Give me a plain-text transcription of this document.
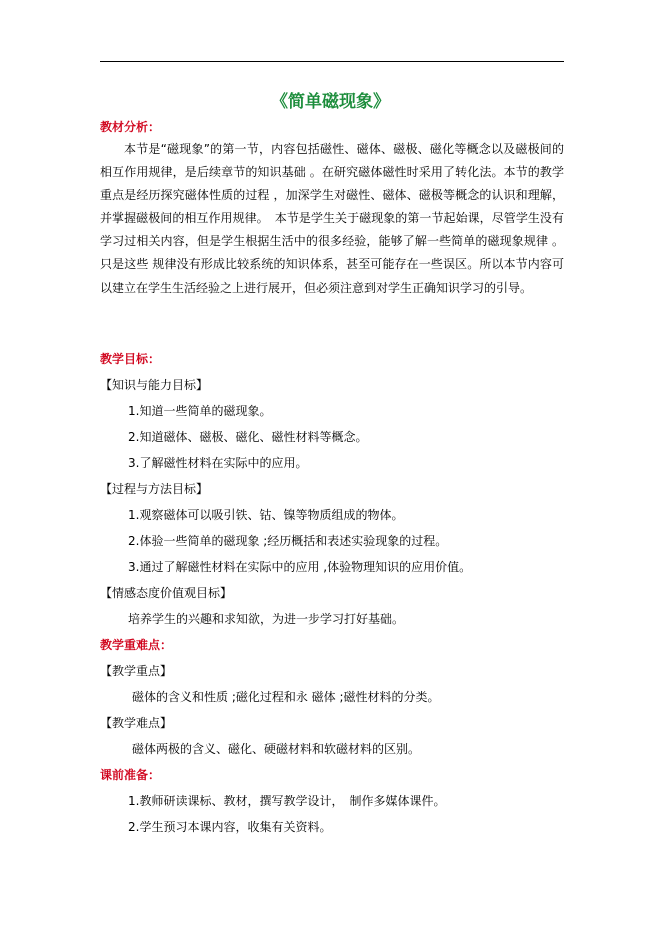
《简单磁现象》
教材分析：
本节是“磁现象”的第一节，内容包括磁性、磁体、磁极、磁化等概念以及磁极间的相互作用规律，是后续章节的知识基础 。在研究磁体磁性时采用了转化法。本节的教学重点是经历探究磁体性质的过程 ，加深学生对磁性、磁体、磁极等概念的认识和理解，并掌握磁极间的相互作用规律。　本节是学生关于磁现象的第一节起始课，尽管学生没有学习过相关内容，但是学生根据生活中的很多经验，能够了解一些简单的磁现象规律 。只是这些 规律没有形成比较系统的知识体系，甚至可能存在一些误区。所以本节内容可以建立在学生生活经验之上进行展开，但必须注意到对学生正确知识学习的引导。
教学目标：
【知识与能力目标】
1.知道一些简单的磁现象。
2.知道磁体、磁极、磁化、磁性材料等概念。
3.了解磁性材料在实际中的应用。
【过程与方法目标】
1.观察磁体可以吸引铁、钴、镍等物质组成的物体。
2.体验一些简单的磁现象 ;经历概括和表述实验现象的过程。
3.通过了解磁性材料在实际中的应用 ,体验物理知识的应用价值。
【情感态度价值观目标】
培养学生的兴趣和求知欲，为进一步学习打好基础。
教学重难点：
【教学重点】
磁体的含义和性质 ;磁化过程和永 磁体 ;磁性材料的分类。
【教学难点】
磁体两极的含义、磁化、硬磁材料和软磁材料的区别。
课前准备：
1.教师研读课标、教材，撰写教学设计，　制作多媒体课件。
2.学生预习本课内容，收集有关资料。
